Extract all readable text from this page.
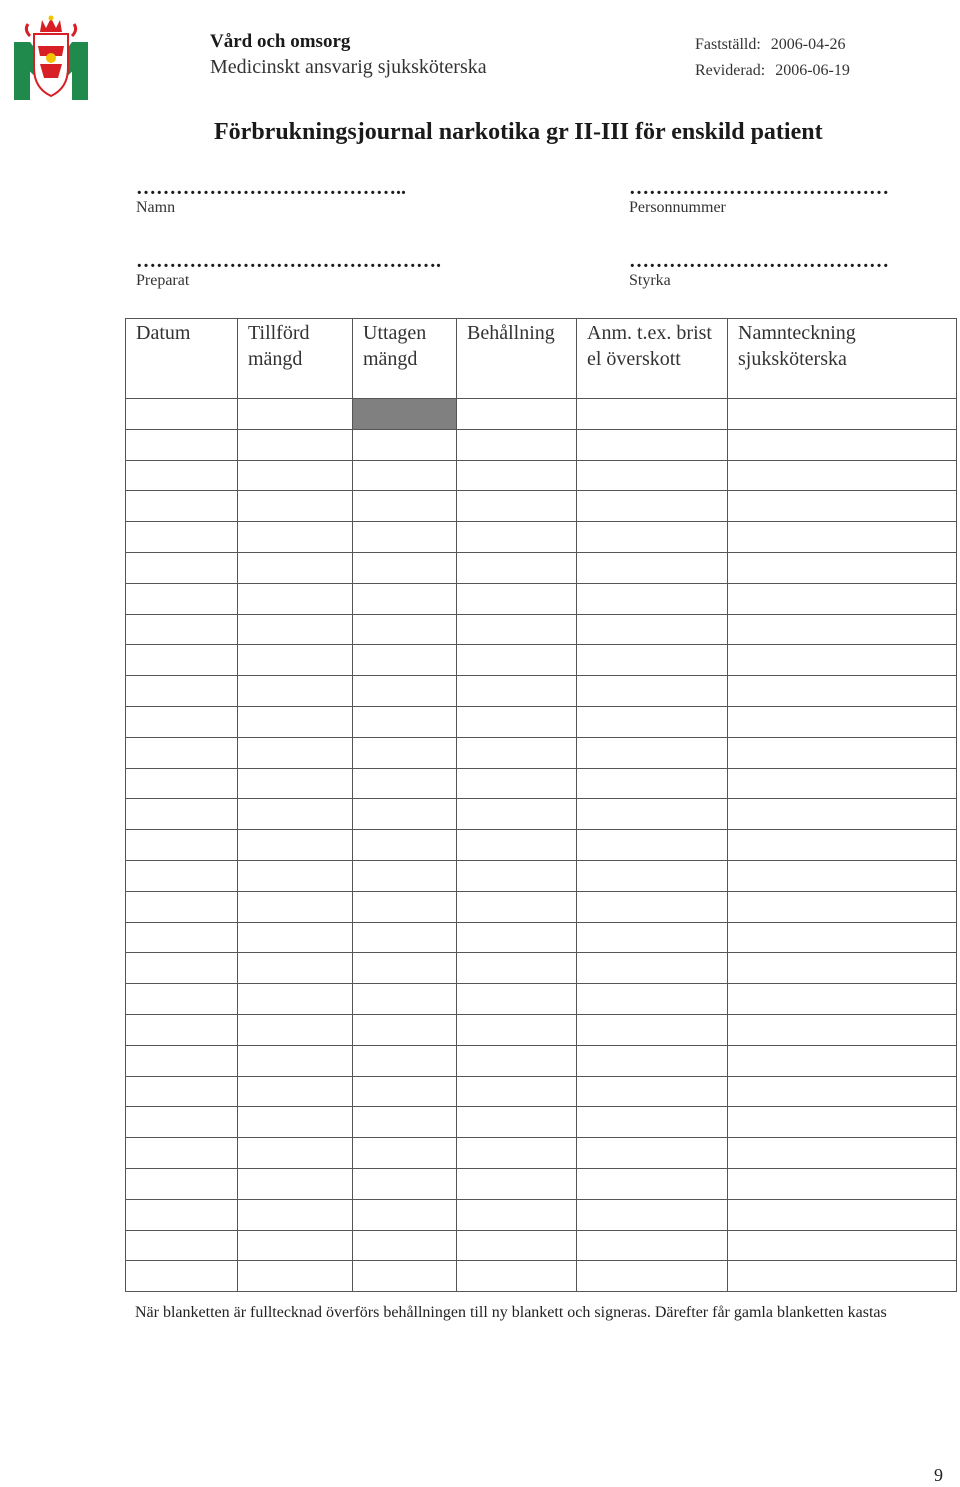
Vård och omsorg
Medicinskt ansvarig sjuksköterska
Fastställd: 2006-04-26
Reviderad: 2006-06-19
Förbrukningsjournal narkotika gr II-III för enskild patient
…………………………………..
Namn
…………………………………
Personnummer
……………………………………….
Preparat
…………………………………
Styrka
Datum	Tillförd mängd	Uttagen mängd	Behållning	Anm. t.ex. brist el överskott	Namnteckning sjuksköterska

När blanketten är fulltecknad överförs behållningen till ny blankett och signeras. Därefter får gamla blanketten kastas
9
